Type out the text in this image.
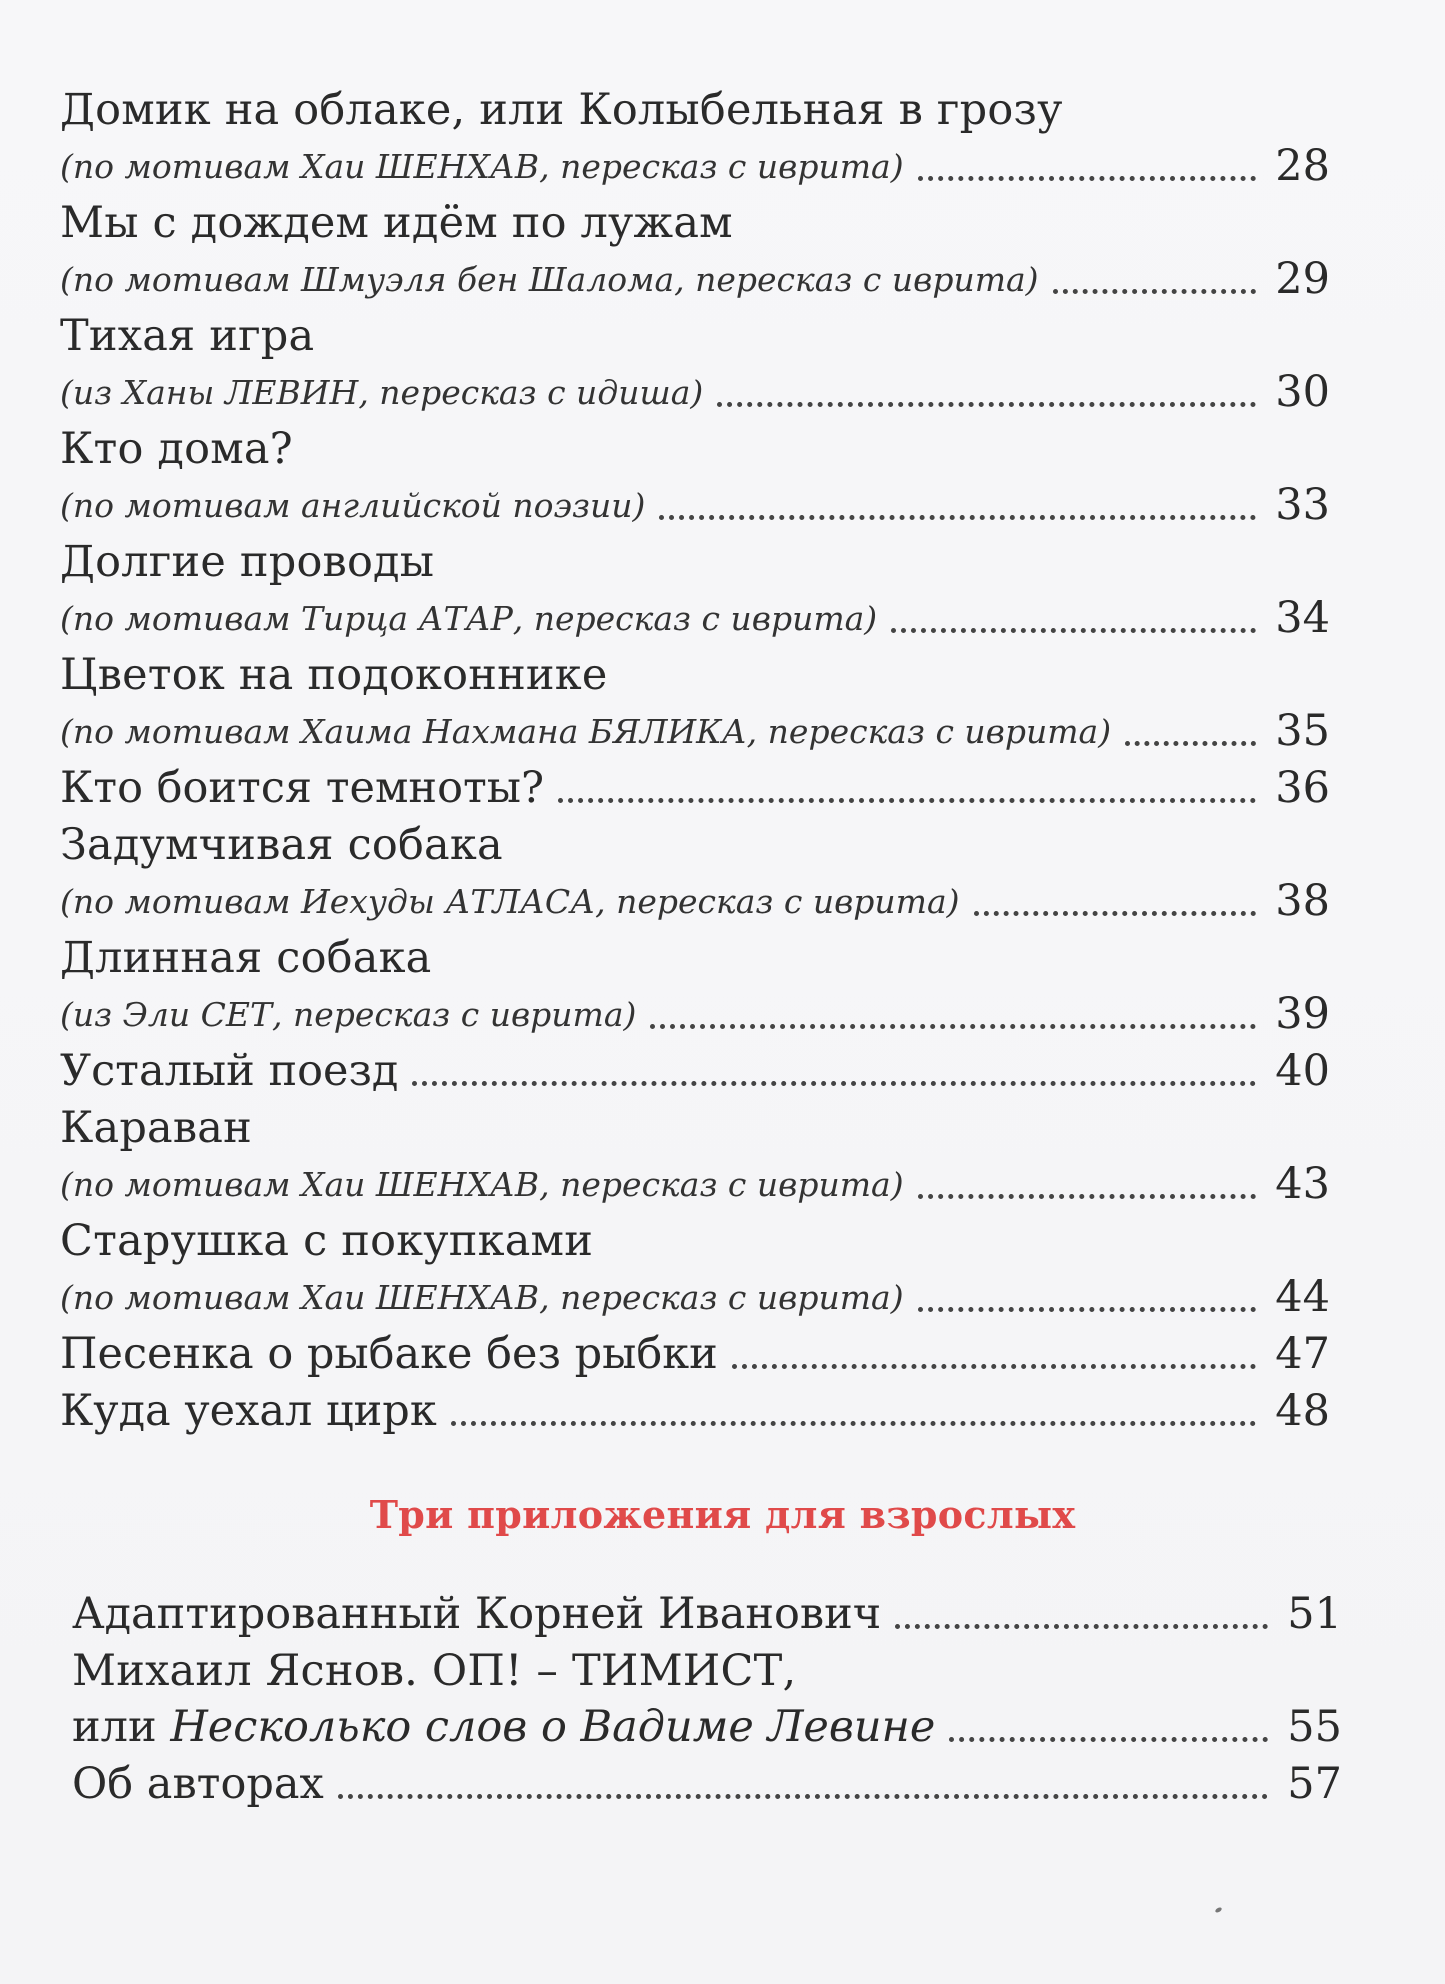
Домик на облаке, или Колыбельная в грозу
(по мотивам Хаи ШЕНХАВ, пересказ с иврита)	28
Мы с дождем идём по лужам
(по мотивам Шмуэля бен Шалома, пересказ с иврита)	29
Тихая игра
(из Ханы ЛЕВИН, пересказ с идиша)	30
Кто дома?
(по мотивам английской поэзии)	33
Долгие проводы
(по мотивам Тирца АТАР, пересказ с иврита)	34
Цветок на подоконнике
(по мотивам Хаима Нахмана БЯЛИКА, пересказ с иврита)	35
Кто боится темноты?	36
Задумчивая собака
(по мотивам Иехуды АТЛАСА, пересказ с иврита)	38
Длинная собака
(из Эли СЕТ, пересказ с иврита)	39
Усталый поезд	40
Караван
(по мотивам Хаи ШЕНХАВ, пересказ с иврита)	43
Старушка с покупками
(по мотивам Хаи ШЕНХАВ, пересказ с иврита)	44
Песенка о рыбаке без рыбки	47
Куда уехал цирк	48
Три приложения для взрослых
Адаптированный Корней Иванович	51
Михаил Яснов. ОП! – ТИМИСТ,
или Несколько слов о Вадиме Левине	55
Об авторах	57
